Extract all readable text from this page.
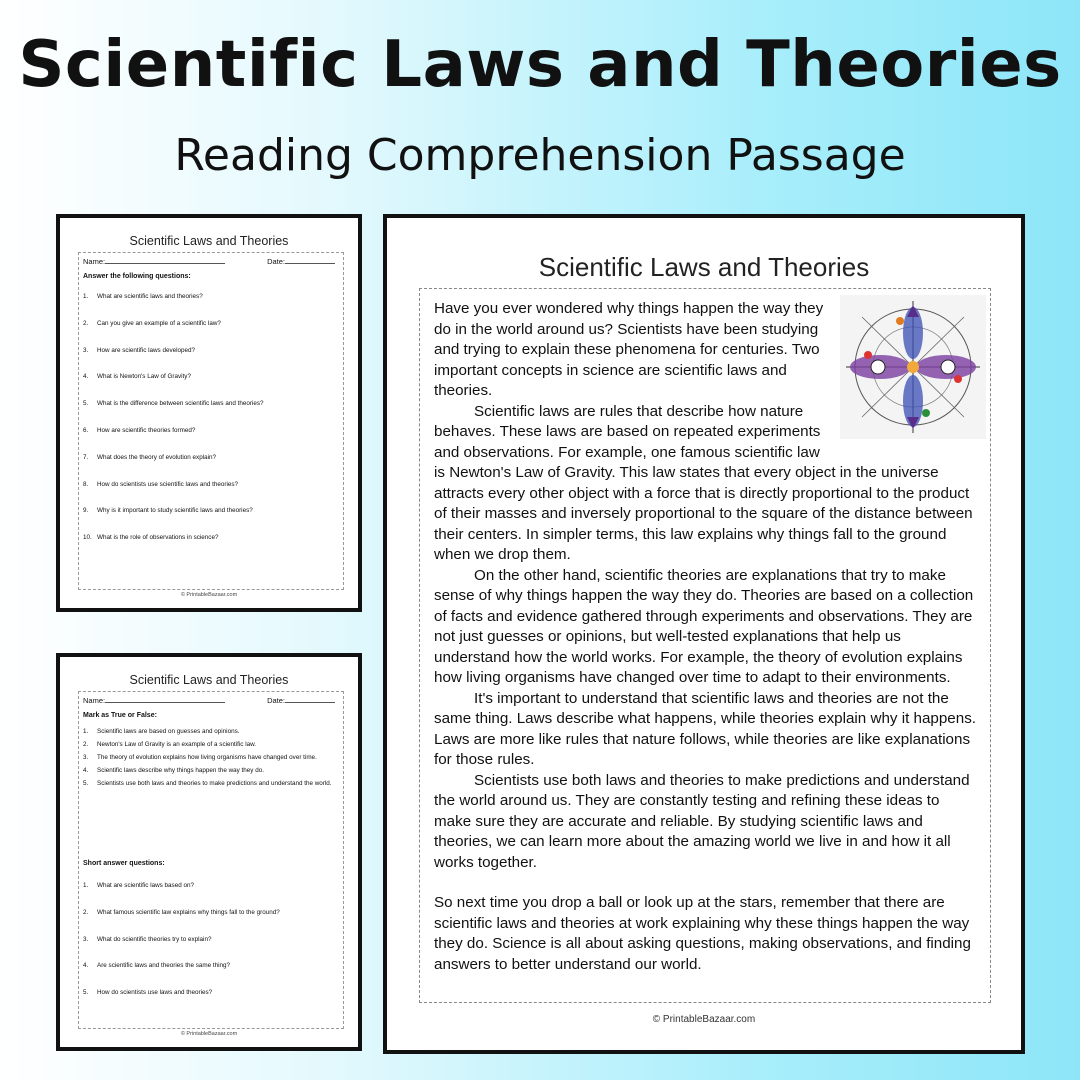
Scientific Laws and Theories
Reading Comprehension Passage
Scientific Laws and Theories
Name:	Date:
Answer the following questions:
1.	What are scientific laws and theories?
2.	Can you give an example of a scientific law?
3.	How are scientific laws developed?
4.	What is Newton's Law of Gravity?
5.	What is the difference between scientific laws and theories?
6.	How are scientific theories formed?
7.	What does the theory of evolution explain?
8.	How do scientists use scientific laws and theories?
9.	Why is it important to study scientific laws and theories?
10. What is the role of observations in science?
© PrintableBazaar.com
Scientific Laws and Theories
Name:	Date:
Mark as True or False:
1.	Scientific laws are based on guesses and opinions.
2.	Newton's Law of Gravity is an example of a scientific law.
3.	The theory of evolution explains how living organisms have changed over time.
4.	Scientific laws describe why things happen the way they do.
5.	Scientists use both laws and theories to make predictions and understand the world.
Short answer questions:
1.	What are scientific laws based on?
2.	What famous scientific law explains why things fall to the ground?
3.	What do scientific theories try to explain?
4.	Are scientific laws and theories the same thing?
5.	How do scientists use laws and theories?
© PrintableBazaar.com
Scientific Laws and Theories

Have you ever wondered why things happen the way they do in the world around us? Scientists have been studying and trying to explain these phenomena for centuries. Two important concepts in science are scientific laws and theories.

Scientific laws are rules that describe how nature behaves. These laws are based on repeated experiments and observations. For example, one famous scientific law is Newton's Law of Gravity. This law states that every object in the universe attracts every other object with a force that is directly proportional to the product of their masses and inversely proportional to the square of the distance between their centers. In simpler terms, this law explains why things fall to the ground when we drop them.

On the other hand, scientific theories are explanations that try to make sense of why things happen the way they do. Theories are based on a collection of facts and evidence gathered through experiments and observations. They are not just guesses or opinions, but well-tested explanations that help us understand how the world works. For example, the theory of evolution explains how living organisms have changed over time to adapt to their environments.

It's important to understand that scientific laws and theories are not the same thing. Laws describe what happens, while theories explain why it happens. Laws are more like rules that nature follows, while theories are like explanations for those rules.

Scientists use both laws and theories to make predictions and understand the world around us. They are constantly testing and refining these ideas to make sure they are accurate and reliable. By studying scientific laws and theories, we can learn more about the amazing world we live in and how it all works together.

So next time you drop a ball or look up at the stars, remember that there are scientific laws and theories at work explaining why these things happen the way they do. Science is all about asking questions, making observations, and finding answers to better understand our world.

© PrintableBazaar.com
